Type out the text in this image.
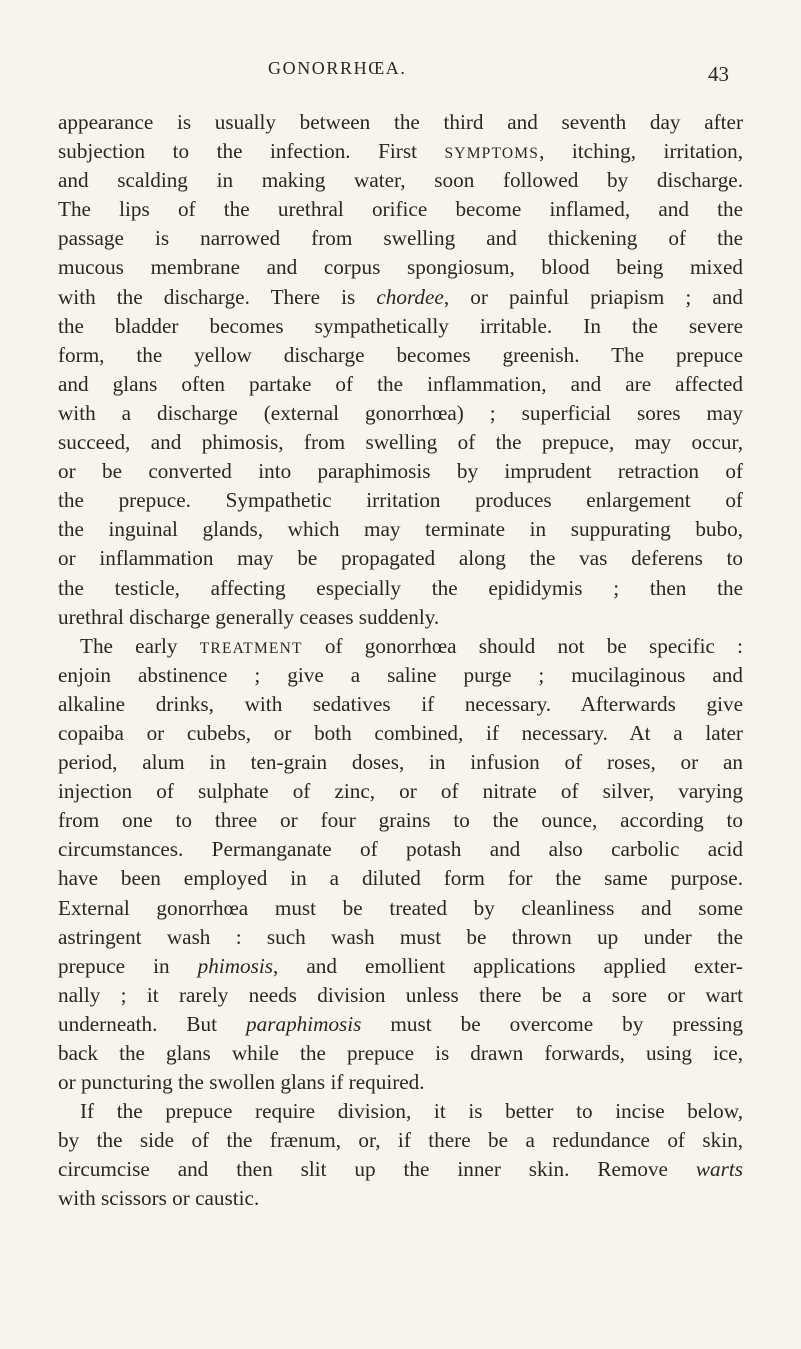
GONORRHŒA.	43
appearance is usually between the third and seventh day after
subjection to the infection. First SYMPTOMS, itching, irritation,
and scalding in making water, soon followed by discharge.
The lips of the urethral orifice become inflamed, and the
passage is narrowed from swelling and thickening of the
mucous membrane and corpus spongiosum, blood being mixed
with the discharge. There is chordee, or painful priapism ; and
the bladder becomes sympathetically irritable. In the severe
form, the yellow discharge becomes greenish. The prepuce
and glans often partake of the inflammation, and are affected
with a discharge (external gonorrhœa) ; superficial sores may
succeed, and phimosis, from swelling of the prepuce, may occur,
or be converted into paraphimosis by imprudent retraction of
the prepuce. Sympathetic irritation produces enlargement of
the inguinal glands, which may terminate in suppurating bubo,
or inflammation may be propagated along the vas deferens to
the testicle, affecting especially the epididymis ; then the
urethral discharge generally ceases suddenly.
The early TREATMENT of gonorrhœa should not be specific :
enjoin abstinence ; give a saline purge ; mucilaginous and
alkaline drinks, with sedatives if necessary. Afterwards give
copaiba or cubebs, or both combined, if necessary. At a later
period, alum in ten-grain doses, in infusion of roses, or an
injection of sulphate of zinc, or of nitrate of silver, varying
from one to three or four grains to the ounce, according to
circumstances. Permanganate of potash and also carbolic acid
have been employed in a diluted form for the same purpose.
External gonorrhœa must be treated by cleanliness and some
astringent wash : such wash must be thrown up under the
prepuce in phimosis, and emollient applications applied exter-
nally ; it rarely needs division unless there be a sore or wart
underneath. But paraphimosis must be overcome by pressing
back the glans while the prepuce is drawn forwards, using ice,
or puncturing the swollen glans if required.
If the prepuce require division, it is better to incise below,
by the side of the frænum, or, if there be a redundance of skin,
circumcise and then slit up the inner skin. Remove warts
with scissors or caustic.
